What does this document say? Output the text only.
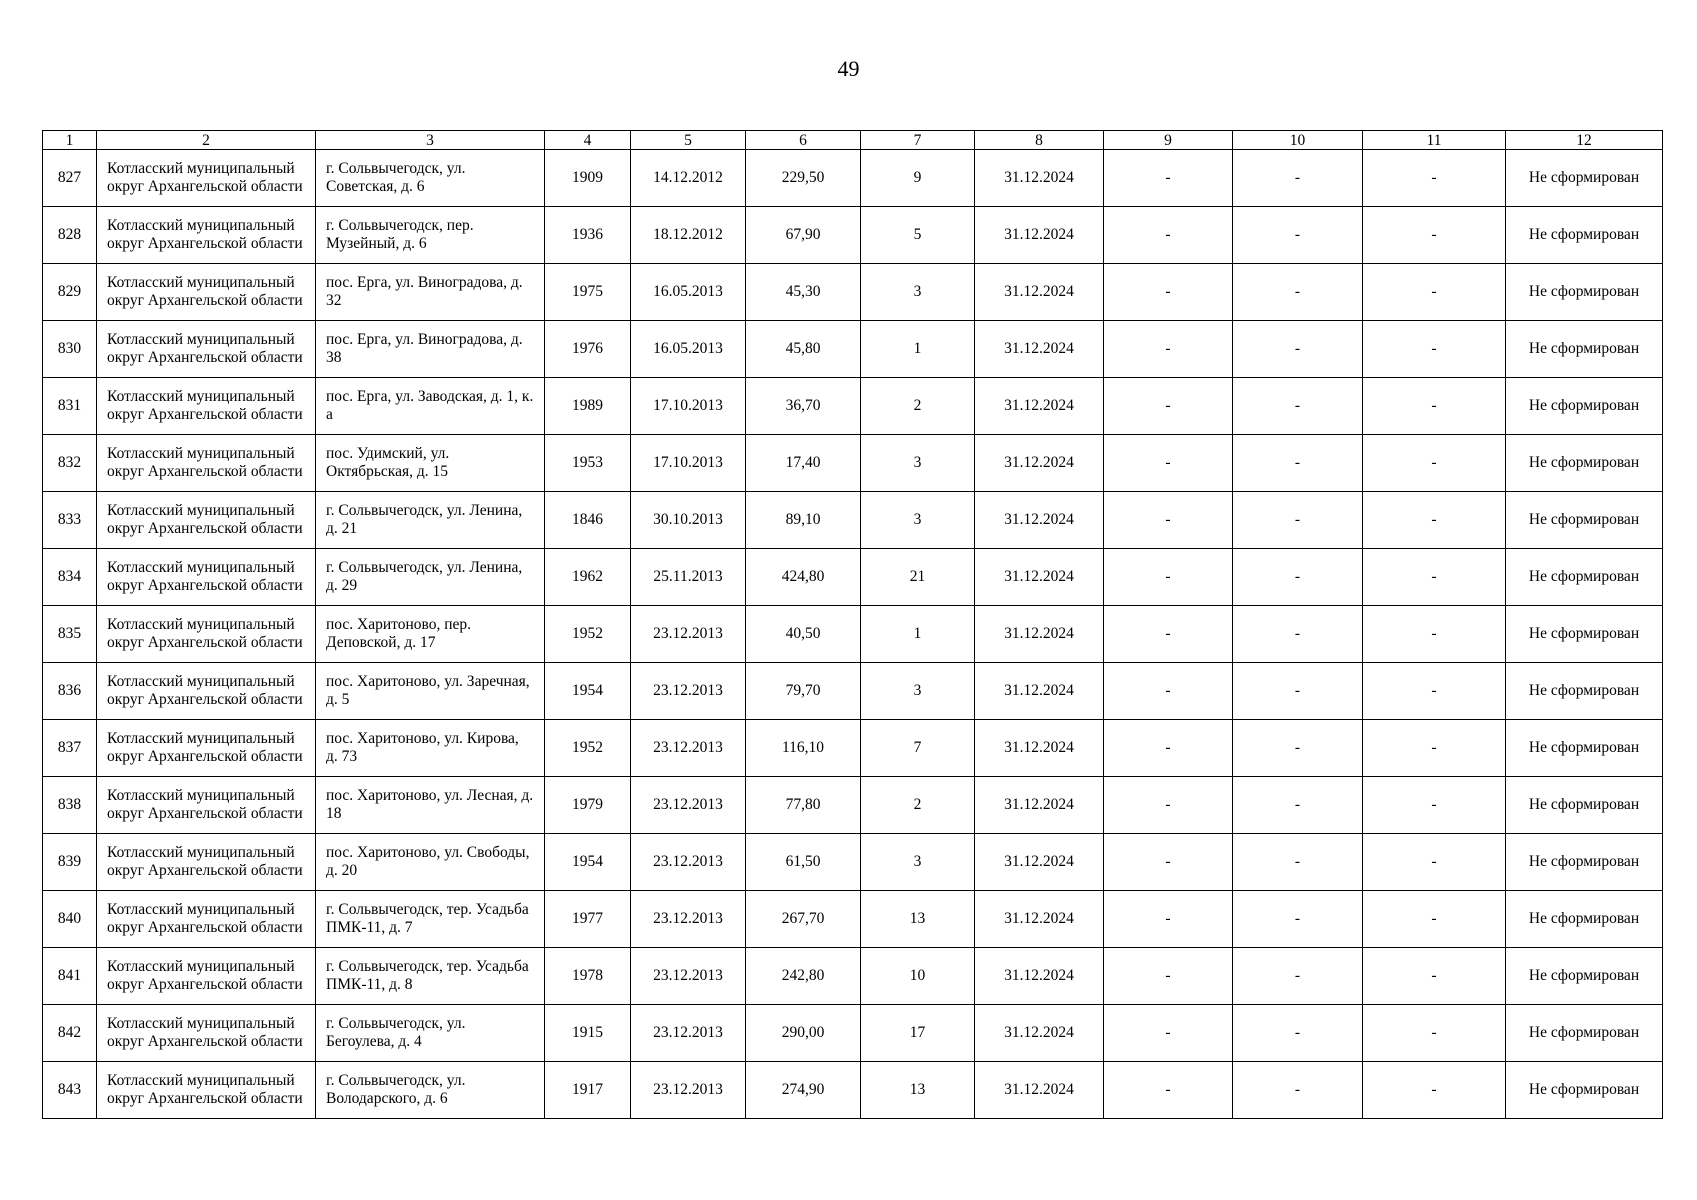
49
1	2	3	4	5	6	7	8	9	10	11	12
827	Котласский муниципальный округ Архангельской области	г. Сольвычегодск, ул. Советская, д. 6	1909	14.12.2012	229,50	9	31.12.2024	-	-	-	Не сформирован
828	Котласский муниципальный округ Архангельской области	г. Сольвычегодск, пер. Музейный, д. 6	1936	18.12.2012	67,90	5	31.12.2024	-	-	-	Не сформирован
829	Котласский муниципальный округ Архангельской области	пос. Ерга, ул. Виноградова, д. 32	1975	16.05.2013	45,30	3	31.12.2024	-	-	-	Не сформирован
830	Котласский муниципальный округ Архангельской области	пос. Ерга, ул. Виноградова, д. 38	1976	16.05.2013	45,80	1	31.12.2024	-	-	-	Не сформирован
831	Котласский муниципальный округ Архангельской области	пос. Ерга, ул. Заводская, д. 1, к. а	1989	17.10.2013	36,70	2	31.12.2024	-	-	-	Не сформирован
832	Котласский муниципальный округ Архангельской области	пос. Удимский, ул. Октябрьская, д. 15	1953	17.10.2013	17,40	3	31.12.2024	-	-	-	Не сформирован
833	Котласский муниципальный округ Архангельской области	г. Сольвычегодск, ул. Ленина, д. 21	1846	30.10.2013	89,10	3	31.12.2024	-	-	-	Не сформирован
834	Котласский муниципальный округ Архангельской области	г. Сольвычегодск, ул. Ленина, д. 29	1962	25.11.2013	424,80	21	31.12.2024	-	-	-	Не сформирован
835	Котласский муниципальный округ Архангельской области	пос. Харитоново, пер. Деповской, д. 17	1952	23.12.2013	40,50	1	31.12.2024	-	-	-	Не сформирован
836	Котласский муниципальный округ Архангельской области	пос. Харитоново, ул. Заречная, д. 5	1954	23.12.2013	79,70	3	31.12.2024	-	-	-	Не сформирован
837	Котласский муниципальный округ Архангельской области	пос. Харитоново, ул. Кирова, д. 73	1952	23.12.2013	116,10	7	31.12.2024	-	-	-	Не сформирован
838	Котласский муниципальный округ Архангельской области	пос. Харитоново, ул. Лесная, д. 18	1979	23.12.2013	77,80	2	31.12.2024	-	-	-	Не сформирован
839	Котласский муниципальный округ Архангельской области	пос. Харитоново, ул. Свободы, д. 20	1954	23.12.2013	61,50	3	31.12.2024	-	-	-	Не сформирован
840	Котласский муниципальный округ Архангельской области	г. Сольвычегодск, тер. Усадьба ПМК-11, д. 7	1977	23.12.2013	267,70	13	31.12.2024	-	-	-	Не сформирован
841	Котласский муниципальный округ Архангельской области	г. Сольвычегодск, тер. Усадьба ПМК-11, д. 8	1978	23.12.2013	242,80	10	31.12.2024	-	-	-	Не сформирован
842	Котласский муниципальный округ Архангельской области	г. Сольвычегодск, ул. Бегоулева, д. 4	1915	23.12.2013	290,00	17	31.12.2024	-	-	-	Не сформирован
843	Котласский муниципальный округ Архангельской области	г. Сольвычегодск, ул. Володарского, д. 6	1917	23.12.2013	274,90	13	31.12.2024	-	-	-	Не сформирован
